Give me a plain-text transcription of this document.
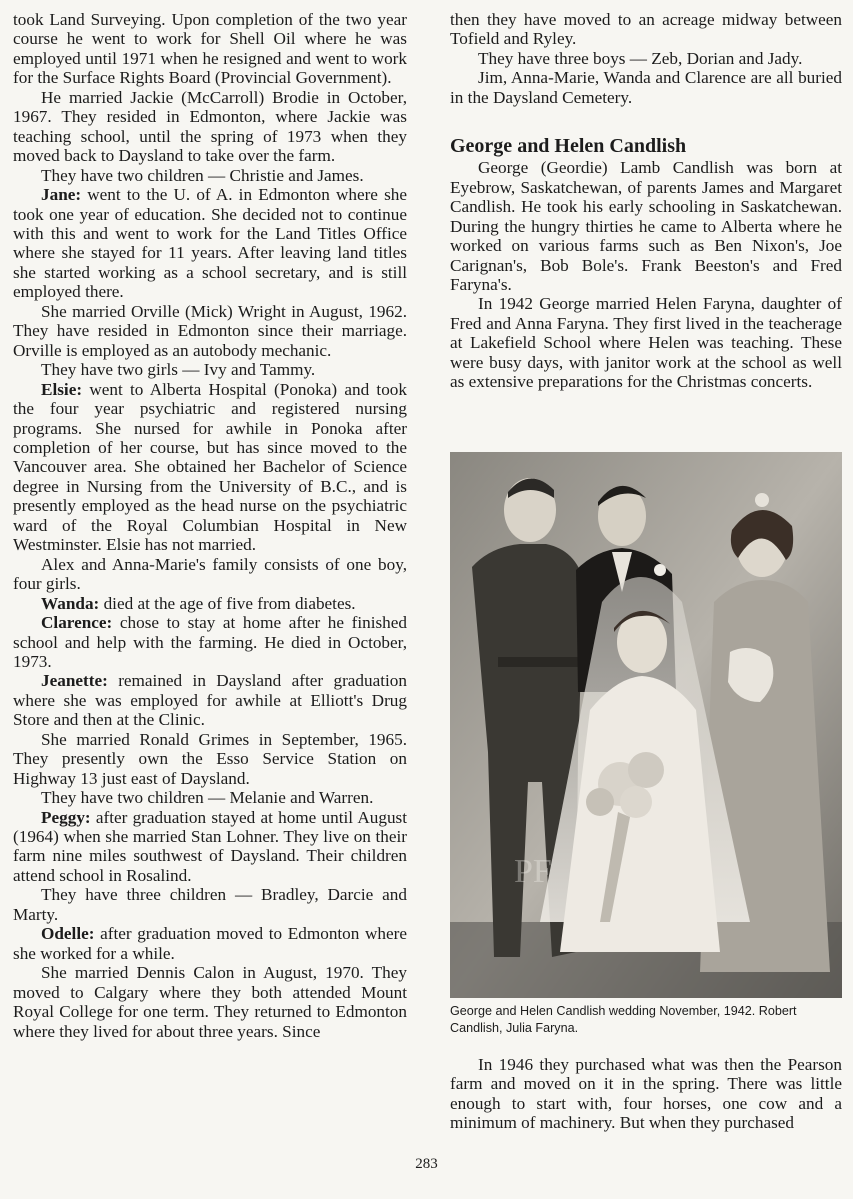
took Land Surveying. Upon completion of the two year course he went to work for Shell Oil where he was employed until 1971 when he resigned and went to work for the Surface Rights Board (Provincial Government).

He married Jackie (McCarroll) Brodie in October, 1967. They resided in Edmonton, where Jackie was teaching school, until the spring of 1973 when they moved back to Daysland to take over the farm.

They have two children — Christie and James.

Jane: went to the U. of A. in Edmonton where she took one year of education. She decided not to continue with this and went to work for the Land Titles Office where she stayed for 11 years. After leaving land titles she started working as a school secretary, and is still employed there.

She married Orville (Mick) Wright in August, 1962. They have resided in Edmonton since their marriage. Orville is employed as an autobody mechanic.

They have two girls — Ivy and Tammy.

Elsie: went to Alberta Hospital (Ponoka) and took the four year psychiatric and registered nursing programs. She nursed for awhile in Ponoka after completion of her course, but has since moved to the Vancouver area. She obtained her Bachelor of Science degree in Nursing from the University of B.C., and is presently employed as the head nurse on the psychiatric ward of the Royal Columbian Hospital in New Westminster. Elsie has not married.

Alex and Anna-Marie's family consists of one boy, four girls.

Wanda: died at the age of five from diabetes.

Clarence: chose to stay at home after he finished school and help with the farming. He died in October, 1973.

Jeanette: remained in Daysland after graduation where she was employed for awhile at Elliott's Drug Store and then at the Clinic.

She married Ronald Grimes in September, 1965. They presently own the Esso Service Station on Highway 13 just east of Daysland.

They have two children — Melanie and Warren.

Peggy: after graduation stayed at home until August (1964) when she married Stan Lohner. They live on their farm nine miles southwest of Daysland. Their children attend school in Rosalind.

They have three children — Bradley, Darcie and Marty.

Odelle: after graduation moved to Edmonton where she worked for a while.

She married Dennis Calon in August, 1970. They moved to Calgary where they both attended Mount Royal College for one term. They returned to Edmonton where they lived for about three years. Since

then they have moved to an acreage midway between Tofield and Ryley.

They have three boys — Zeb, Dorian and Jady.

Jim, Anna-Marie, Wanda and Clarence are all buried in the Daysland Cemetery.

George and Helen Candlish

George (Geordie) Lamb Candlish was born at Eyebrow, Saskatchewan, of parents James and Margaret Candlish. He took his early schooling in Saskatchewan. During the hungry thirties he came to Alberta where he worked on various farms such as Ben Nixon's, Joe Carignan's, Bob Bole's. Frank Beeston's and Fred Faryna's.

In 1942 George married Helen Faryna, daughter of Fred and Anna Faryna. They first lived in the teacherage at Lakefield School where Helen was teaching. These were busy days, with janitor work at the school as well as extensive preparations for the Christmas concerts.

PF
George and Helen Candlish wedding November, 1942. Robert Candlish, Julia Faryna.

In 1946 they purchased what was then the Pearson farm and moved on it in the spring. There was little enough to start with, four horses, one cow and a minimum of machinery. But when they purchased

283
